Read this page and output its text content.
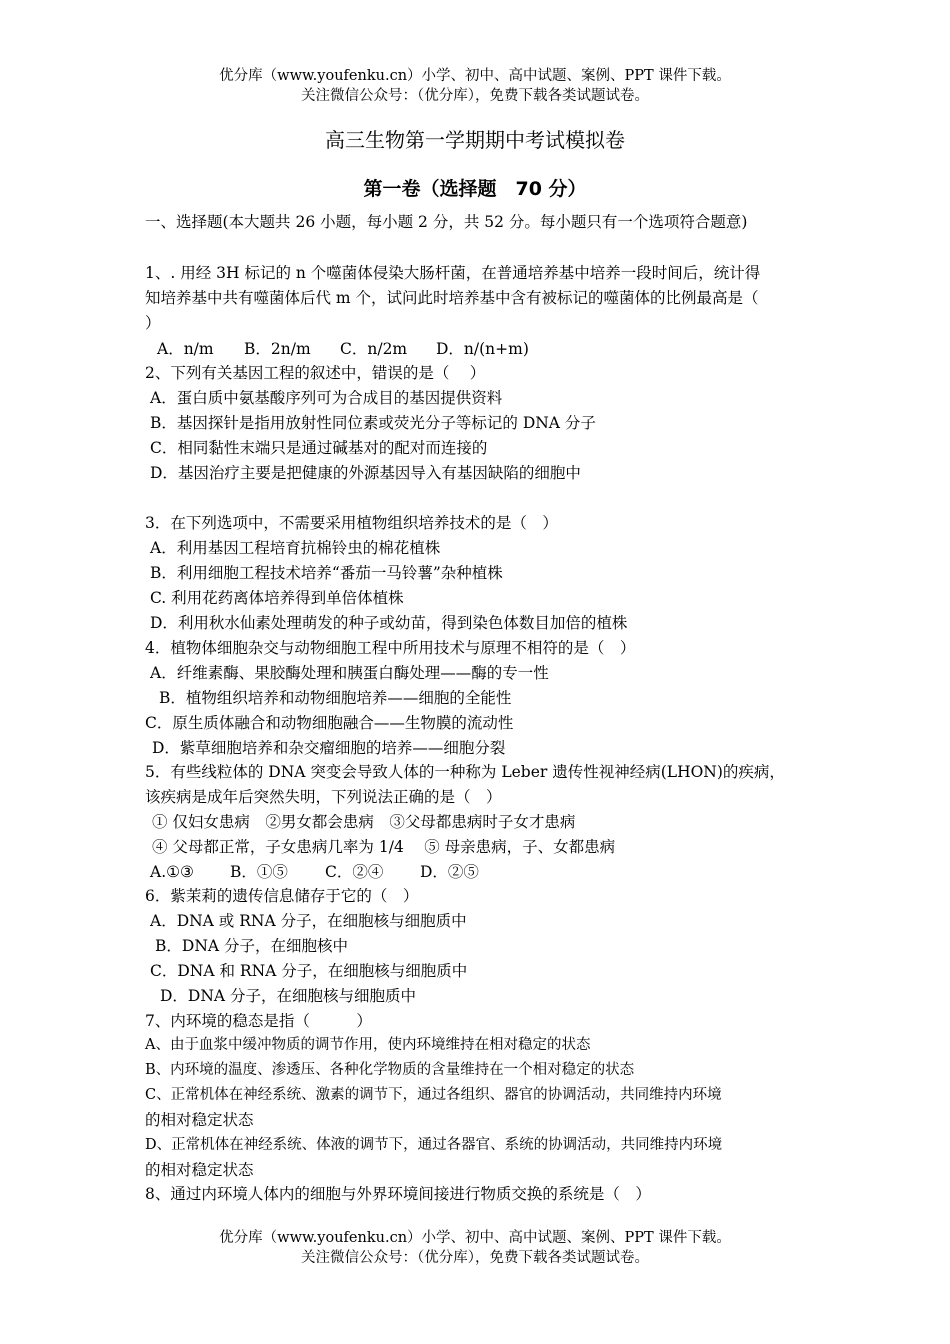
优分库（www.youfenku.cn）小学、初中、高中试题、案例、PPT 课件下载。
关注微信公众号：（优分库），免费下载各类试题试卷。
高三生物第一学期期中考试模拟卷
第一卷（选择题　70 分）
一、选择题(本大题共 26 小题，每小题 2 分，共 52 分。每小题只有一个选项符合题意)
1、. 用经 3H 标记的 n 个噬菌体侵染大肠杆菌，在普通培养基中培养一段时间后，统计得
知培养基中共有噬菌体后代 m 个，试问此时培养基中含有被标记的噬菌体的比例最高是（
）
A．n/m B．2n/m C．n/2m D．n/(n+m)
2、下列有关基因工程的叙述中，错误的是（　 ）
A．蛋白质中氨基酸序列可为合成目的基因提供资料
B．基因探针是指用放射性同位素或荧光分子等标记的 DNA 分子
C．相同黏性末端只是通过碱基对的配对而连接的
D．基因治疗主要是把健康的外源基因导入有基因缺陷的细胞中
3．在下列选项中，不需要采用植物组织培养技术的是（　）
A．利用基因工程培育抗棉铃虫的棉花植株
B．利用细胞工程技术培养“番茄一马铃薯”杂种植株
C. 利用花药离体培养得到单倍体植株
D．利用秋水仙素处理萌发的种子或幼苗，得到染色体数目加倍的植株
4．植物体细胞杂交与动物细胞工程中所用技术与原理不相符的是（　）
A．纤维素酶、果胶酶处理和胰蛋白酶处理——酶的专一性
B．植物组织培养和动物细胞培养——细胞的全能性
C．原生质体融合和动物细胞融合——生物膜的流动性
D．紫草细胞培养和杂交瘤细胞的培养——细胞分裂
5．有些线粒体的 DNA 突变会导致人体的一种称为 Leber 遗传性视神经病(LHON)的疾病，
该疾病是成年后突然失明，下列说法正确的是（　）
① 仅妇女患病　②男女都会患病　③父母都患病时子女才患病
④ 父母都正常，子女患病几率为 1/4　 ⑤ 母亲患病，子、女都患病
A.①③ B．①⑤ C．②④ D．②⑤
6．紫茉莉的遗传信息储存于它的（　）
A．DNA 或 RNA 分子，在细胞核与细胞质中
B．DNA 分子，在细胞核中
C．DNA 和 RNA 分子，在细胞核与细胞质中
D．DNA 分子，在细胞核与细胞质中
7、内环境的稳态是指（　　　）
A、由于血浆中缓冲物质的调节作用，使内环境维持在相对稳定的状态
B、内环境的温度、渗透压、各种化学物质的含量维持在一个相对稳定的状态
C、正常机体在神经系统、激素的调节下，通过各组织、器官的协调活动，共同维持内环境
的相对稳定状态
D、正常机体在神经系统、体液的调节下，通过各器官、系统的协调活动，共同维持内环境
的相对稳定状态
8、通过内环境人体内的细胞与外界环境间接进行物质交换的系统是（　）
优分库（www.youfenku.cn）小学、初中、高中试题、案例、PPT 课件下载。
关注微信公众号：（优分库），免费下载各类试题试卷。
